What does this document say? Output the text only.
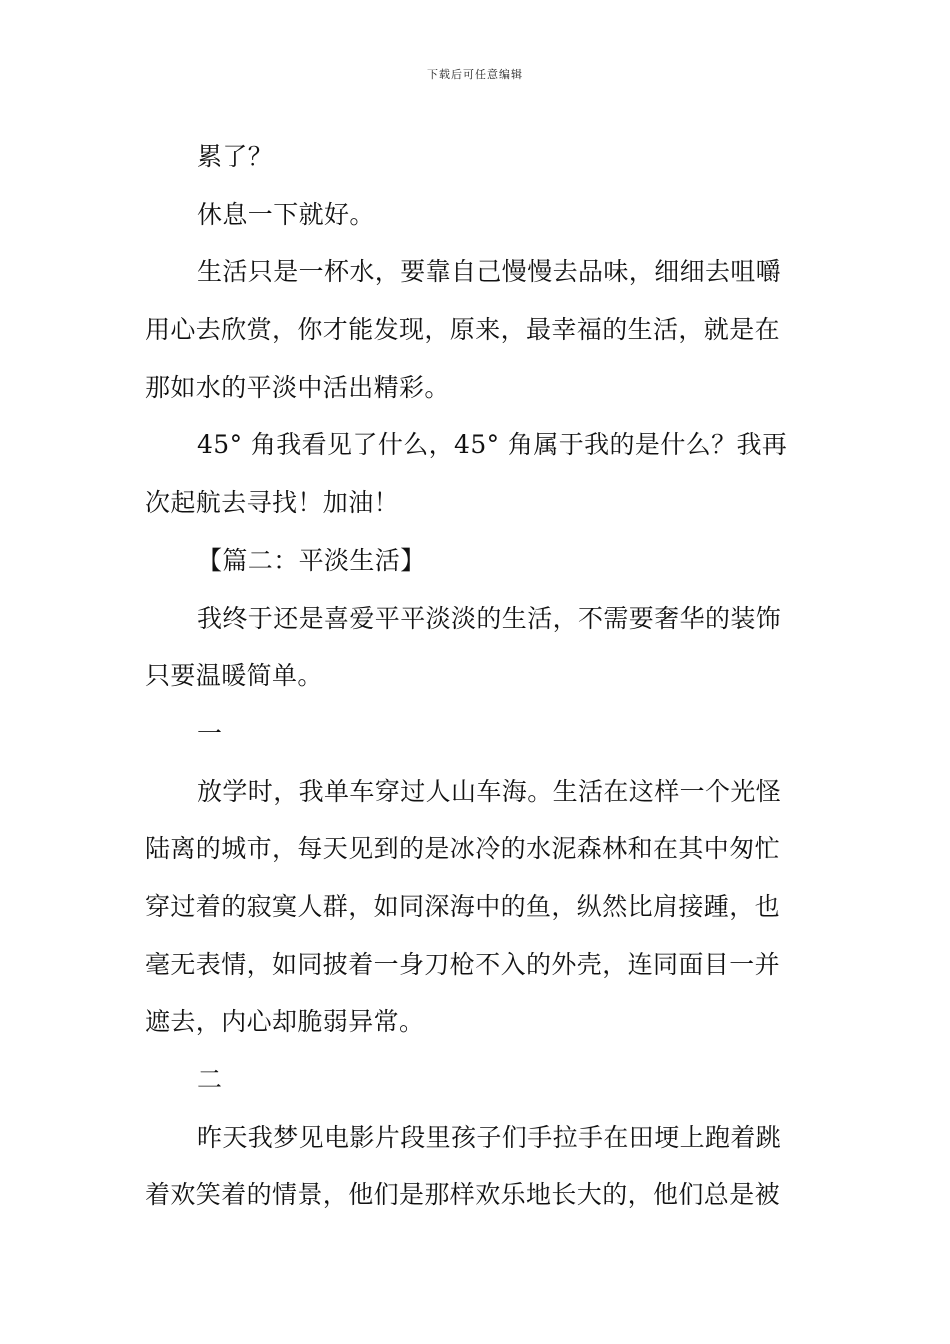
下载后可任意编辑
累了？
休息一下就好。
生活只是一杯水，要靠自己慢慢去品味，细细去咀嚼
用心去欣赏，你才能发现，原来，最幸福的生活，就是在
那如水的平淡中活出精彩。
45° 角我看见了什么，45° 角属于我的是什么？我再
次起航去寻找！加油！
【篇二：平淡生活】
我终于还是喜爱平平淡淡的生活，不需要奢华的装饰
只要温暖简单。
一
放学时，我单车穿过人山车海。生活在这样一个光怪
陆离的城市，每天见到的是冰冷的水泥森林和在其中匆忙
穿过着的寂寞人群，如同深海中的鱼，纵然比肩接踵，也
毫无表情，如同披着一身刀枪不入的外壳，连同面目一并
遮去，内心却脆弱异常。
二
昨天我梦见电影片段里孩子们手拉手在田埂上跑着跳
着欢笑着的情景，他们是那样欢乐地长大的，他们总是被
